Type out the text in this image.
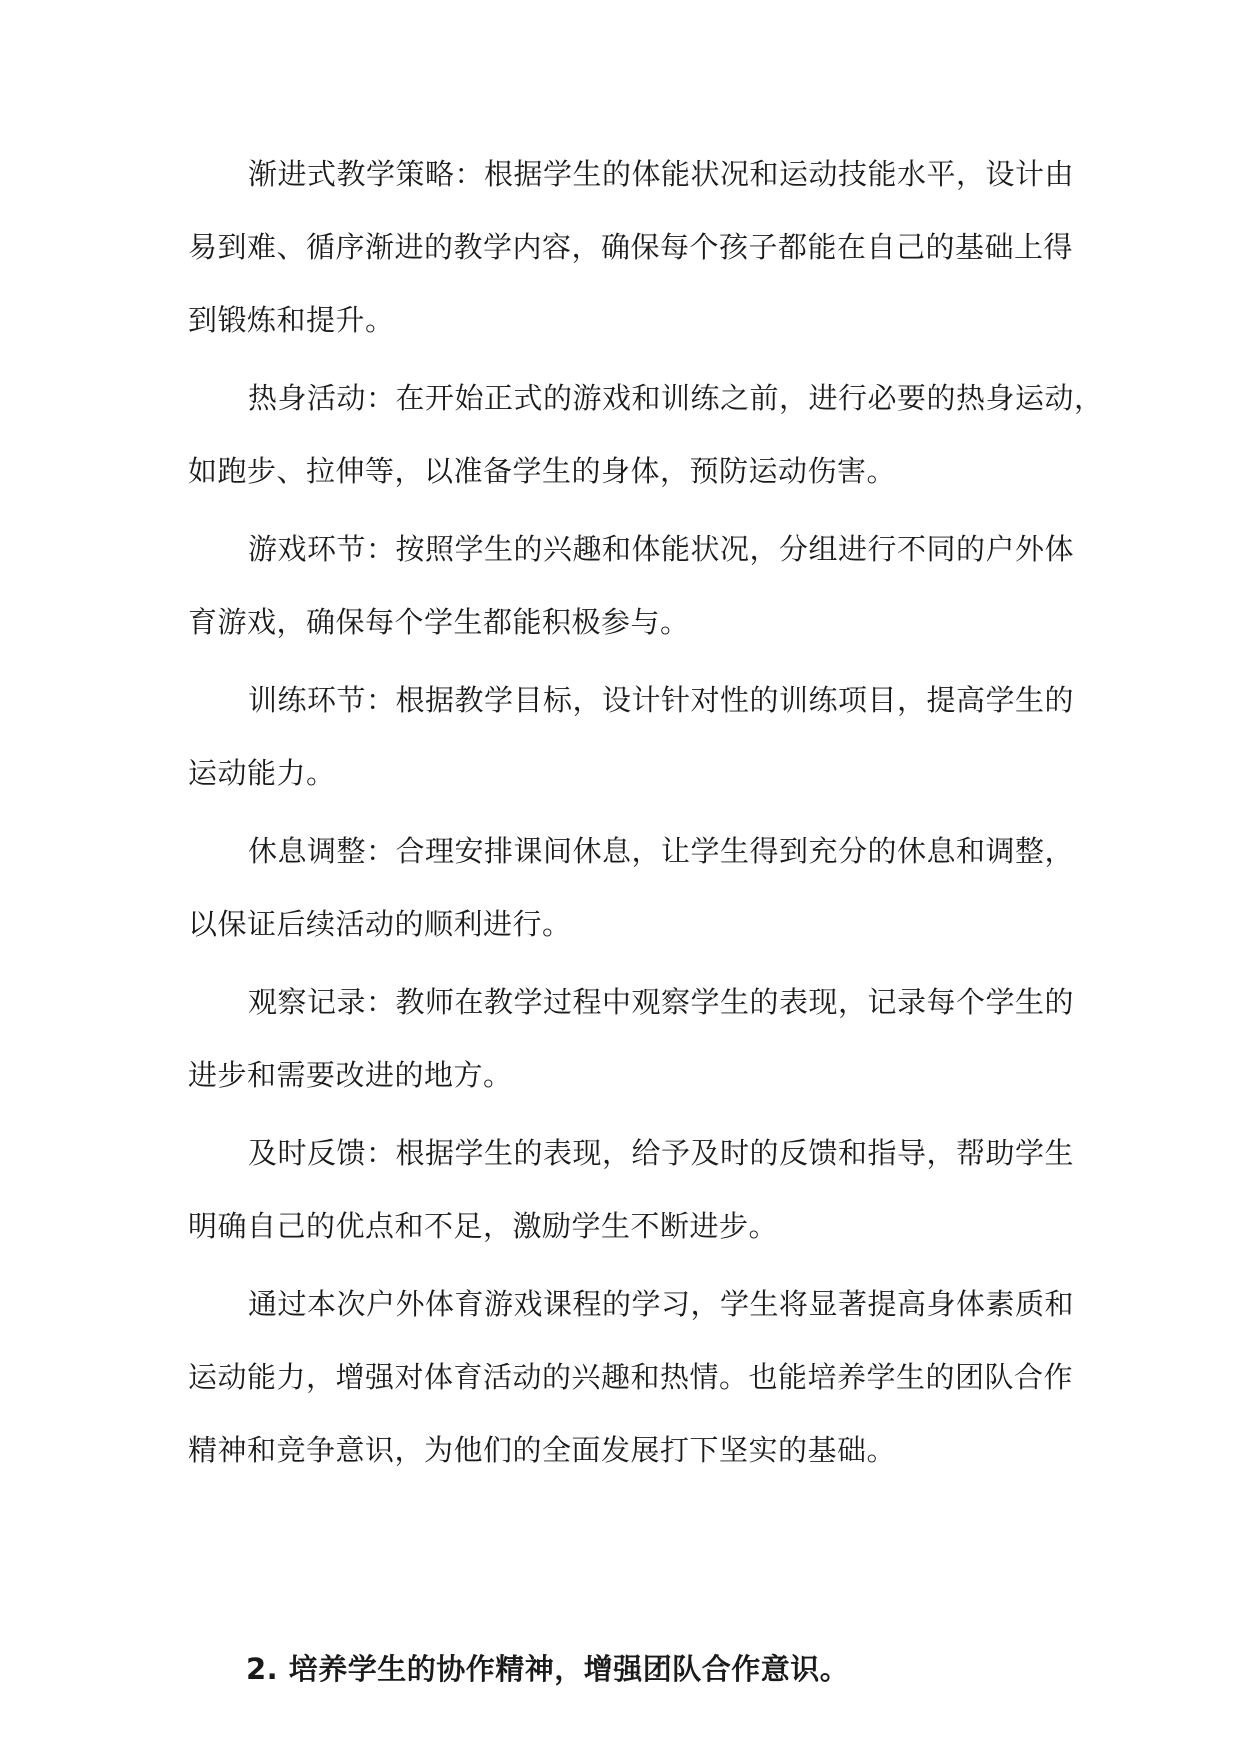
渐进式教学策略：根据学生的体能状况和运动技能水平，设计由
易到难、循序渐进的教学内容，确保每个孩子都能在自己的基础上得
到锻炼和提升。
热身活动：在开始正式的游戏和训练之前，进行必要的热身运动，
如跑步、拉伸等，以准备学生的身体，预防运动伤害。
游戏环节：按照学生的兴趣和体能状况，分组进行不同的户外体
育游戏，确保每个学生都能积极参与。
训练环节：根据教学目标，设计针对性的训练项目，提高学生的
运动能力。
休息调整：合理安排课间休息，让学生得到充分的休息和调整，
以保证后续活动的顺利进行。
观察记录：教师在教学过程中观察学生的表现，记录每个学生的
进步和需要改进的地方。
及时反馈：根据学生的表现，给予及时的反馈和指导，帮助学生
明确自己的优点和不足，激励学生不断进步。
通过本次户外体育游戏课程的学习，学生将显著提高身体素质和
运动能力，增强对体育活动的兴趣和热情。也能培养学生的团队合作
精神和竞争意识，为他们的全面发展打下坚实的基础。
2. 培养学生的协作精神，增强团队合作意识。
